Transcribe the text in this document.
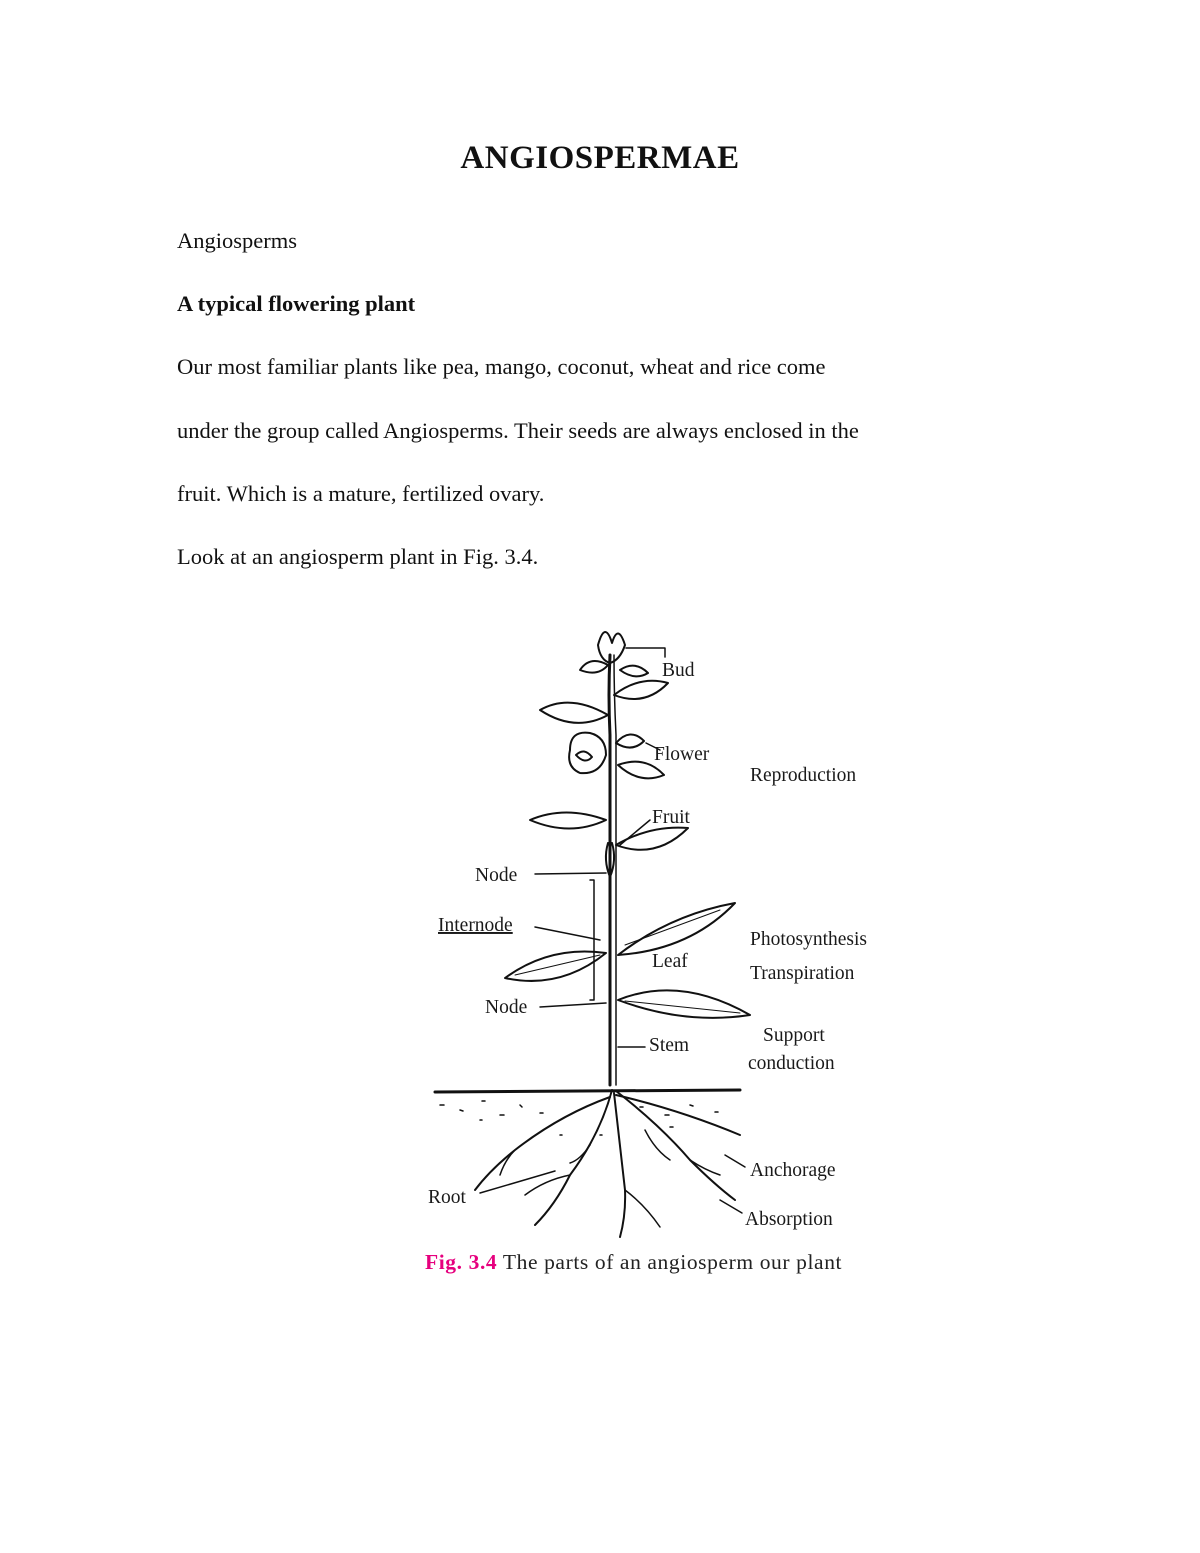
ANGIOSPERMAE
Angiosperms
A typical flowering plant
Our most familiar plants like pea, mango, coconut, wheat and rice come
under the group called Angiosperms. Their seeds are always enclosed in the
fruit. Which is a mature, fertilized ovary.
Look at an angiosperm plant in Fig. 3.4.
Bud
Flower
Fruit
Node
Internode
Leaf
Node
Stem
Root
Reproduction
Photosynthesis
Transpiration
Support
conduction
Anchorage
Absorption
Fig. 3.4 The parts of an angiosperm our plant
